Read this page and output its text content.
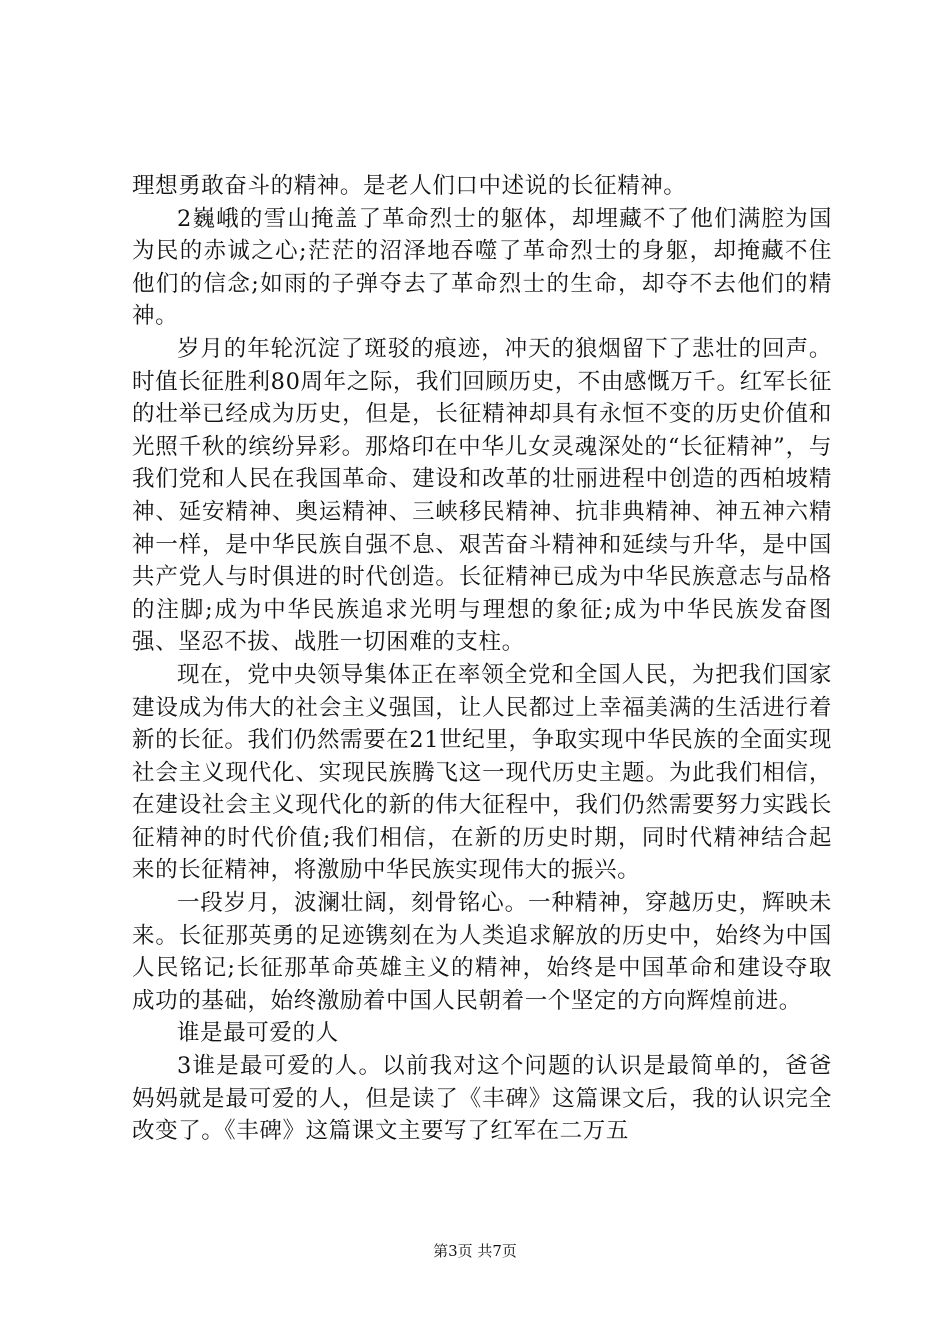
理想勇敢奋斗的精神。是老人们口中述说的长征精神。

2巍峨的雪山掩盖了革命烈士的躯体，却埋藏不了他们满腔为国为民的赤诚之心;茫茫的沼泽地吞噬了革命烈士的身躯，却掩藏不住他们的信念;如雨的子弹夺去了革命烈士的生命，却夺不去他们的精神。

岁月的年轮沉淀了斑驳的痕迹，冲天的狼烟留下了悲壮的回声。时值长征胜利80周年之际，我们回顾历史，不由感慨万千。红军长征的壮举已经成为历史，但是，长征精神却具有永恒不变的历史价值和光照千秋的缤纷异彩。那烙印在中华儿女灵魂深处的“长征精神”，与我们党和人民在我国革命、建设和改革的壮丽进程中创造的西柏坡精神、延安精神、奥运精神、三峡移民精神、抗非典精神、神五神六精神一样，是中华民族自强不息、艰苦奋斗精神和延续与升华，是中国共产党人与时俱进的时代创造。长征精神已成为中华民族意志与品格的注脚;成为中华民族追求光明与理想的象征;成为中华民族发奋图强、坚忍不拔、战胜一切困难的支柱。

现在，党中央领导集体正在率领全党和全国人民，为把我们国家建设成为伟大的社会主义强国，让人民都过上幸福美满的生活进行着新的长征。我们仍然需要在21世纪里，争取实现中华民族的全面实现社会主义现代化、实现民族腾飞这一现代历史主题。为此我们相信，在建设社会主义现代化的新的伟大征程中，我们仍然需要努力实践长征精神的时代价值;我们相信，在新的历史时期，同时代精神结合起来的长征精神，将激励中华民族实现伟大的振兴。

一段岁月，波澜壮阔，刻骨铭心。一种精神，穿越历史，辉映未来。长征那英勇的足迹镌刻在为人类追求解放的历史中，始终为中国人民铭记;长征那革命英雄主义的精神，始终是中国革命和建设夺取成功的基础，始终激励着中国人民朝着一个坚定的方向辉煌前进。

谁是最可爱的人

3谁是最可爱的人。以前我对这个问题的认识是最简单的，爸爸妈妈就是最可爱的人，但是读了《丰碑》这篇课文后，我的认识完全改变了。《丰碑》这篇课文主要写了红军在二万五

第3页 共7页
